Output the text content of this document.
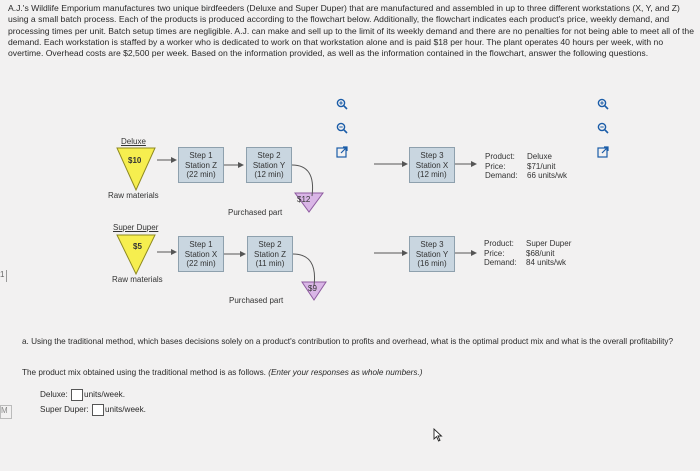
A.J.'s Wildlife Emporium manufactures two unique birdfeeders (Deluxe and Super Duper) that are manufactured and assembled in up to three different workstations (X, Y, and Z) using a small batch process. Each of the products is produced according to the flowchart below. Additionally, the flowchart indicates each product's price, weekly demand, and processing times per unit. Batch setup times are negligible. A.J. can make and sell up to the limit of its weekly demand and there are no penalties for not being able to meet all of the demand. Each workstation is staffed by a worker who is dedicated to work on that workstation alone and is paid $18 per hour. The plant operates 40 hours per week, with no overtime. Overhead costs are $2,500 per week. Based on the information provided, as well as the information contained in the flowchart, answer the following questions.
1
M
Deluxe
$10
Raw materials	$12
Purchased part
Step 1
Station Z
(22 min)
Step 2
Station Y
(12 min)
Step 3
Station X
(12 min)
Product: Deluxe
Price:	$71/unit
Demand: 66 units/wk
Super Duper
$5
Raw materials
$9
Purchased part
Step 1
Station X
(22 min)
Step 2
Station Z
(11 min)
Step 3
Station Y
(16 min)
Product: Super Duper
Price:	$68/unit
Demand: 84 units/wk
a. Using the traditional method, which bases decisions solely on a product's contribution to profits and overhead, what is the optimal product mix and what is the overall profitability?
The product mix obtained using the traditional method is as follows. (Enter your responses as whole numbers.)
Deluxe: units/week.
Super Duper: units/week.
